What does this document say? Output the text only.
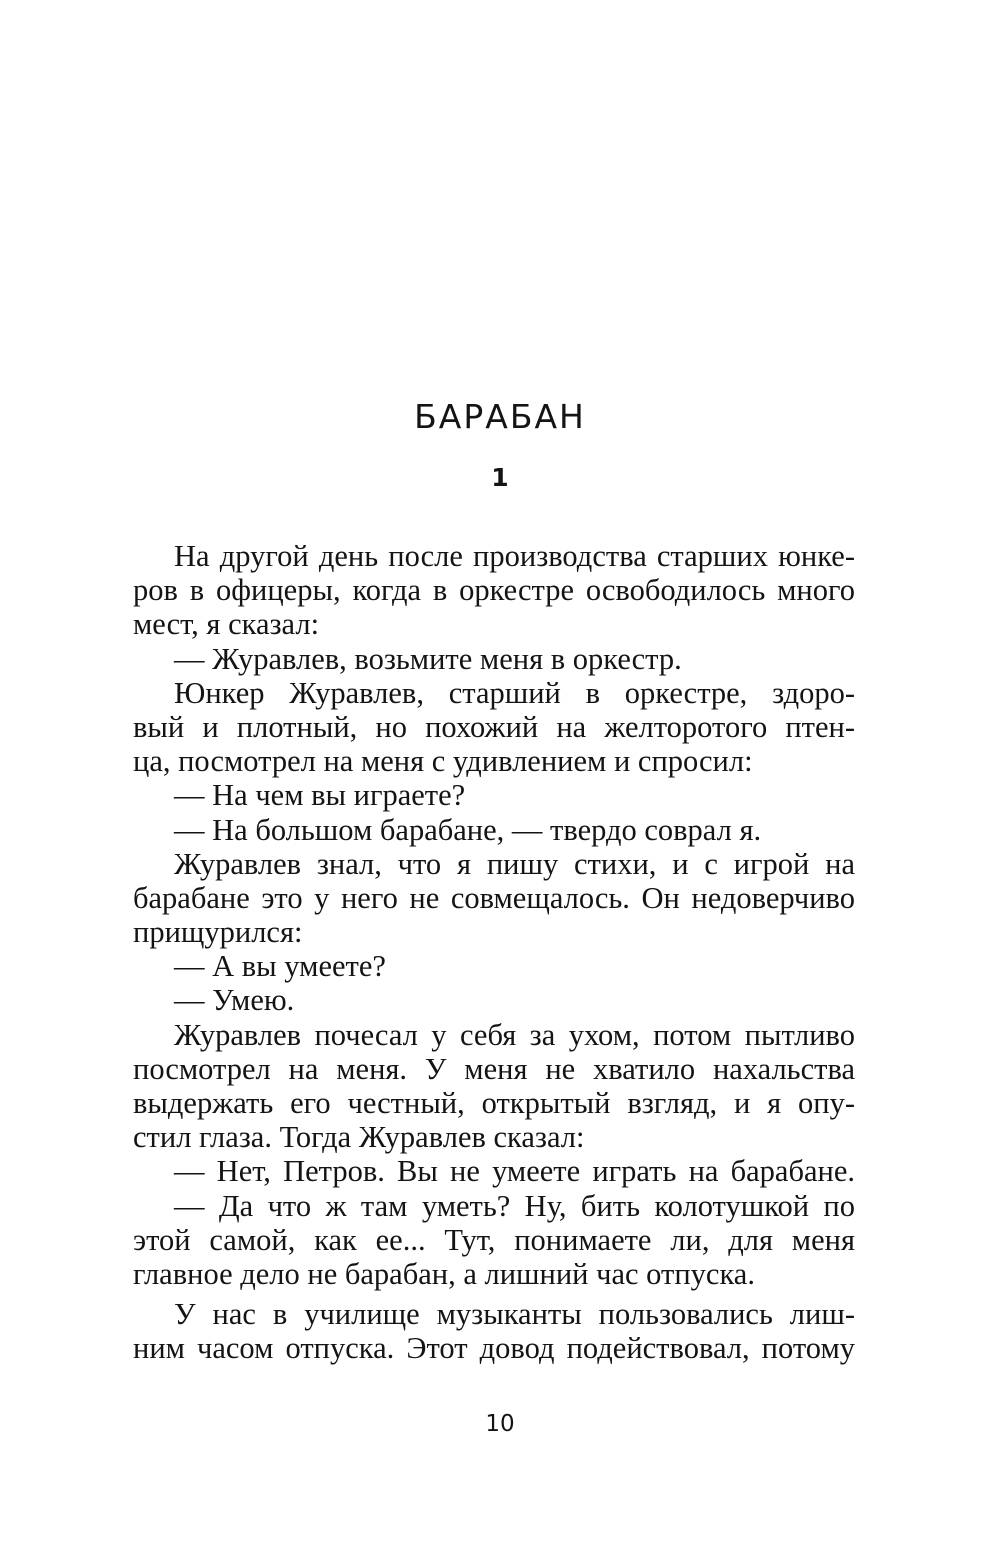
БАРАБАН
1
На другой день после производства старших юнке-
ров в офицеры, когда в оркестре освободилось много
мест, я сказал:
— Журавлев, возьмите меня в оркестр.
Юнкер Журавлев, старший в оркестре, здоро-
вый и плотный, но похожий на желторотого птен-
ца, посмотрел на меня с удивлением и спросил:
— На чем вы играете?
— На большом барабане, — твердо соврал я.
Журавлев знал, что я пишу стихи, и с игрой на
барабане это у него не совмещалось. Он недоверчиво
прищурился:
— А вы умеете?
— Умею.
Журавлев почесал у себя за ухом, потом пытливо
посмотрел на меня. У меня не хватило нахальства
выдержать его честный, открытый взгляд, и я опу-
стил глаза. Тогда Журавлев сказал:
— Нет, Петров. Вы не умеете играть на барабане.
— Да что ж там уметь? Ну, бить колотушкой по
этой самой, как ее... Тут, понимаете ли, для меня
главное дело не барабан, а лишний час отпуска.
У нас в училище музыканты пользовались лиш-
ним часом отпуска. Этот довод подействовал, потому
10
